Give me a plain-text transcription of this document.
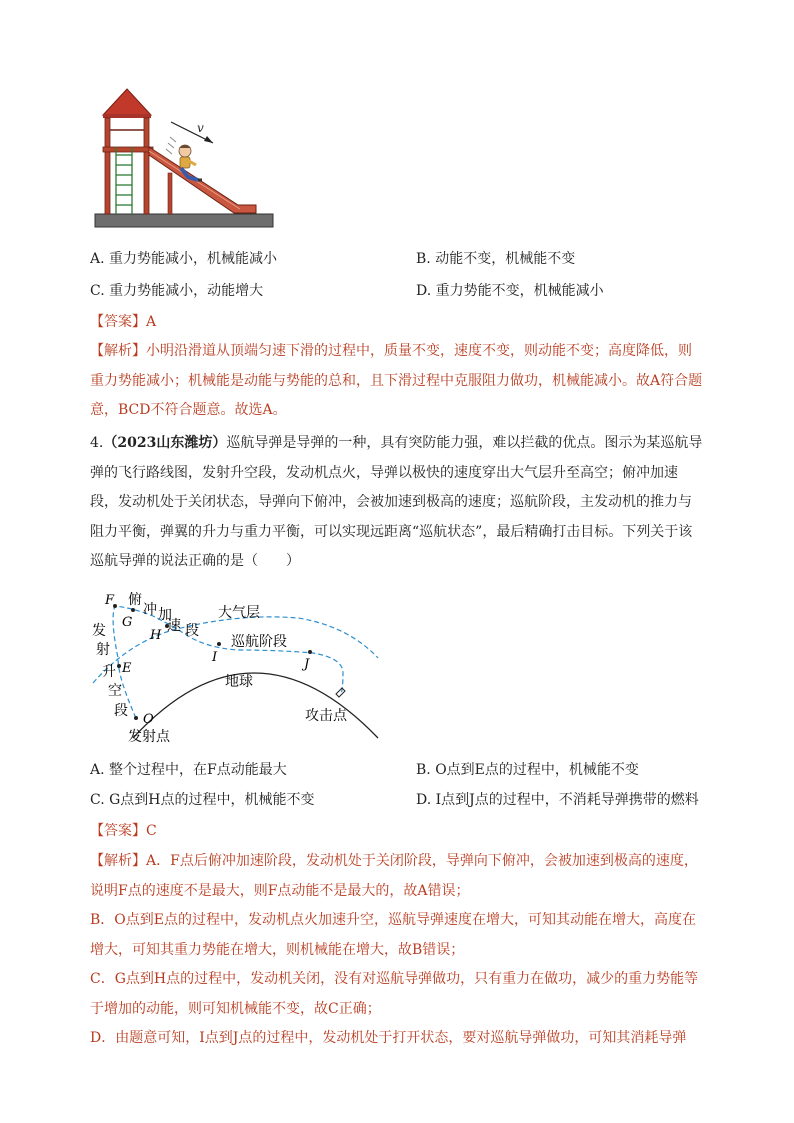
v
A. 重力势能减小，机械能减小	B. 动能不变，机械能不变
C. 重力势能减小，动能增大	D. 重力势能不变，机械能减小
【答案】A

【解析】小明沿滑道从顶端匀速下滑的过程中，质量不变，速度不变，则动能不变；高度降低，则重力势能减小；机械能是动能与势能的总和，且下滑过程中克服阻力做功，机械能减小。故A符合题意，BCD不符合题意。故选A。

4.（2023山东潍坊）巡航导弹是导弹的一种，具有突防能力强，难以拦截的优点。图示为某巡航导弹的飞行路线图，发射升空段，发动机点火，导弹以极快的速度穿出大气层升至高空；俯冲加速段，发动机处于关闭状态，导弹向下俯冲，会被加速到极高的速度；巡航阶段，主发动机的推力与阻力平衡，弹翼的升力与重力平衡，可以实现远距离“巡航状态”，最后精确打击目标。下列关于该巡航导弹的说法正确的是（　　）

F
G
H
I	J
E
O
俯
冲 加
速 段
发
射
升
空
段
大气层
巡航阶段
地球
攻击点
发射点
A. 整个过程中，在F点动能最大	B. O点到E点的过程中，机械能不变
C. G点到H点的过程中，机械能不变	D. I点到J点的过程中，不消耗导弹携带的燃料
【答案】C

【解析】A．F点后俯冲加速阶段，发动机处于关闭阶段，导弹向下俯冲，会被加速到极高的速度，说明F点的速度不是最大，则F点动能不是最大的，故A错误；

B．O点到E点的过程中，发动机点火加速升空，巡航导弹速度在增大，可知其动能在增大，高度在增大，可知其重力势能在增大，则机械能在增大，故B错误；

C．G点到H点的过程中，发动机关闭，没有对巡航导弹做功，只有重力在做功，减少的重力势能等于增加的动能，则可知机械能不变，故C正确；

D．由题意可知，I点到J点的过程中，发动机处于打开状态，要对巡航导弹做功，可知其消耗导弹
